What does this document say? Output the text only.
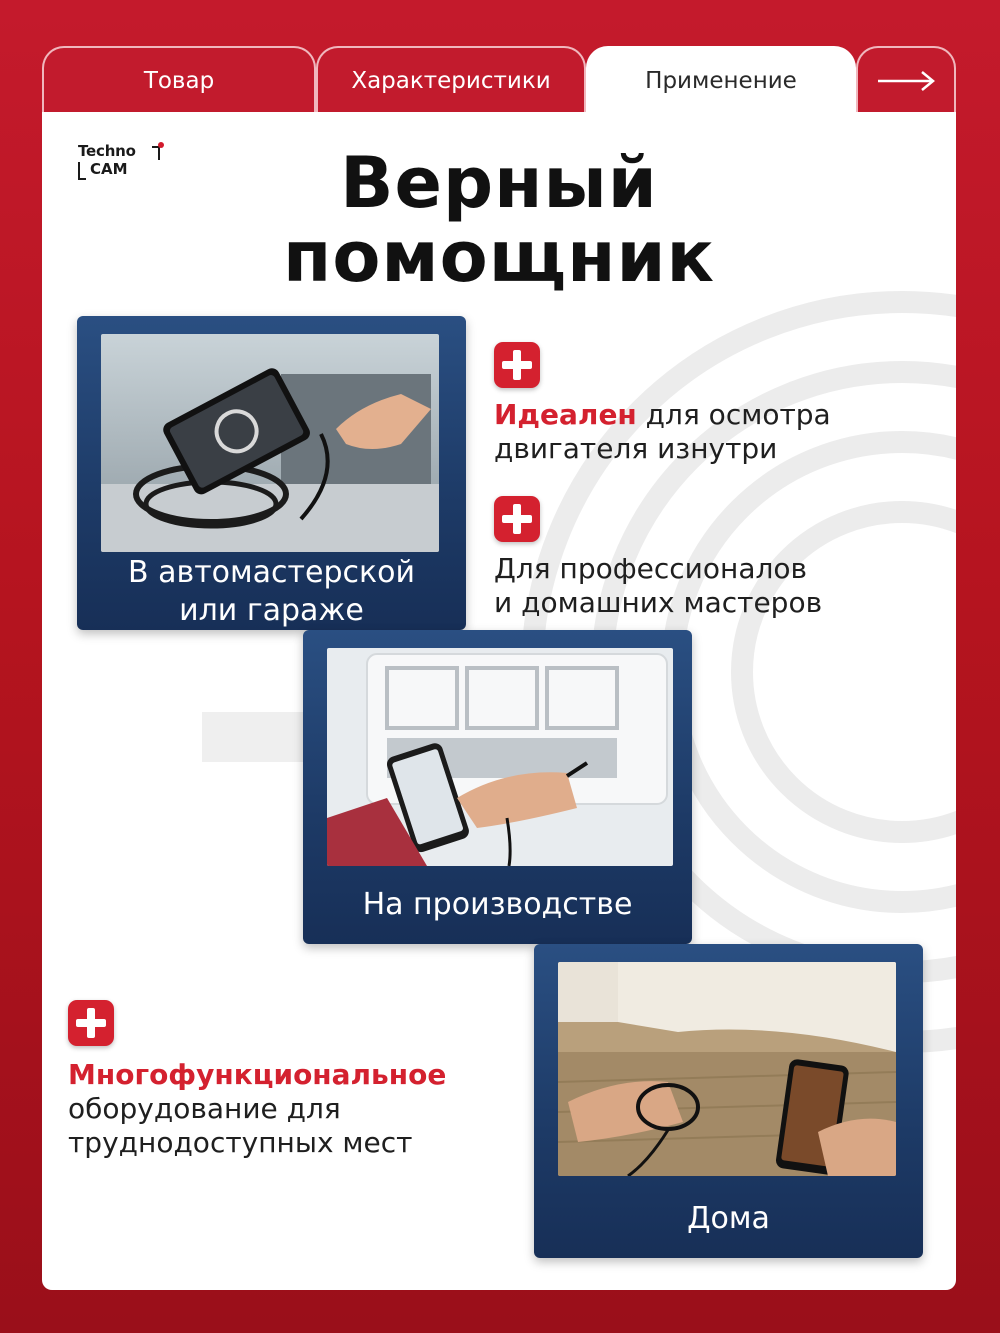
Товар	Характеристики	Применение
Techno
CAM	Верный
помощник
В автомастерской
или гараже
На производстве
Дома
Идеален для осмотра
двигателя изнутри
Для профессионалов
и домашних мастеров
Многофункциональное
оборудование для
труднодоступных мест
